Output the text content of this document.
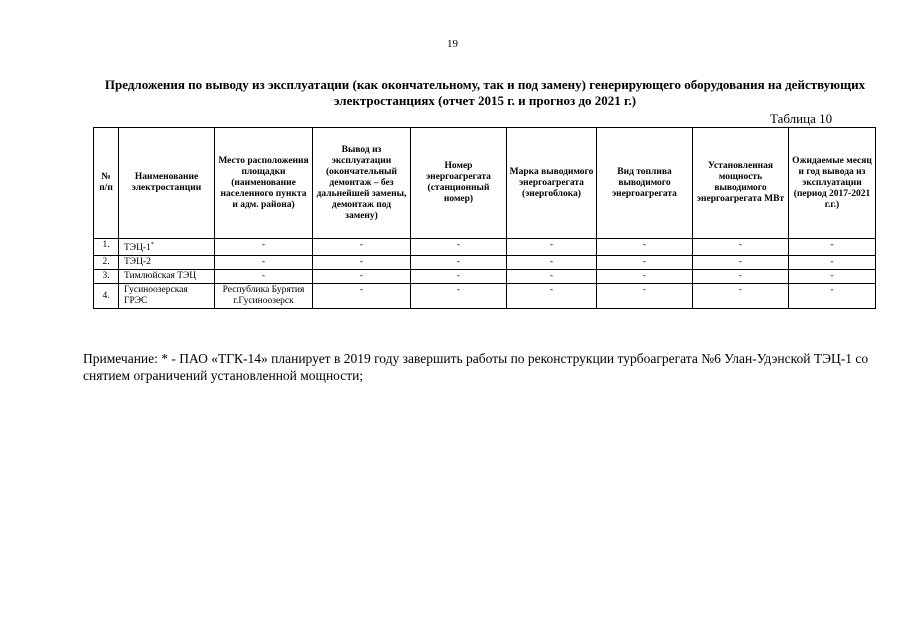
19
Предложения по выводу из эксплуатации (как окончательному, так и под замену) генерирующего оборудования на действующих электростанциях (отчет 2015 г. и прогноз до 2021 г.)
Таблица 10
№ п/п	Наименование электростанции	Место расположения площадки (наименование населенного пункта и адм. района)	Вывод из эксплуатации (окончательный демонтаж – без дальнейшей замены, демонтаж под замену)	Номер энергоагрегата (станционный номер)	Марка выводимого энергоагрегата (энергоблока)	Вид топлива выводимого энергоагрегата	Установленная мощность выводимого энергоагрегата МВт	Ожидаемые месяц и год вывода из эксплуатации (период 2017-2021 г.г.)
1.	ТЭЦ-1*	-	-	-	-	-	-	-
2.	ТЭЦ-2	-	-	-	-	-	-	-
3.	Тимлюйская ТЭЦ	-	-	-	-	-	-	-
4.	Гусиноозерская ГРЭС	Республика Бурятия г.Гусиноозерск	-	-	-	-	-	-
Примечание: * - ПАО «ТГК-14» планирует в 2019 году завершить работы по реконструкции турбоагрегата №6 Улан-Удэнской ТЭЦ-1 со снятием ограничений установленной мощности;
